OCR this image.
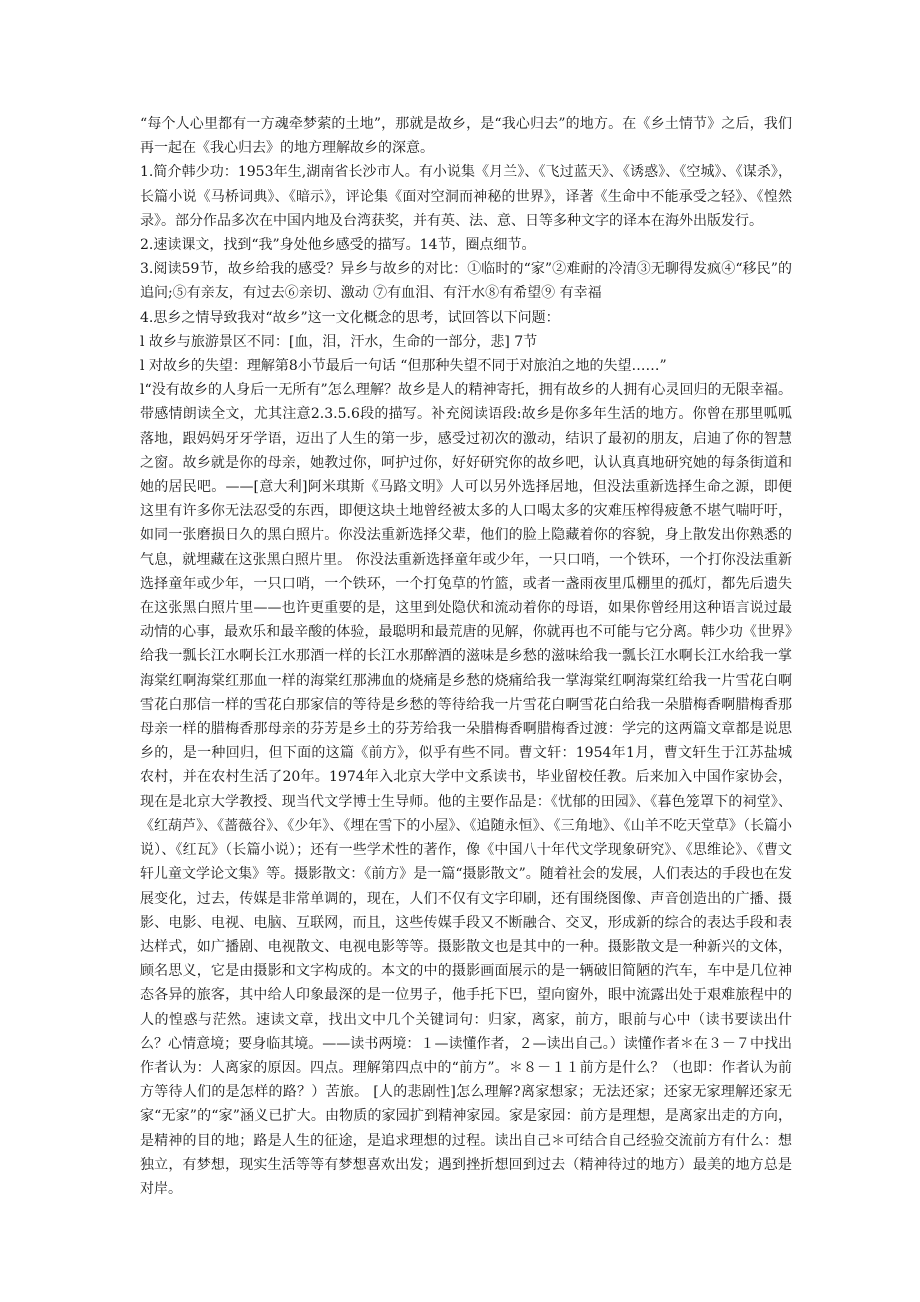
“每个人心里都有一方魂牵梦萦的土地”，那就是故乡，是“我心归去”的地方。在《乡土情节》之后，我们再一起在《我心归去》的地方理解故乡的深意。

1.简介韩少功：1953年生,湖南省长沙市人。有小说集《月兰》、《飞过蓝天》、《诱惑》、《空城》、《谋杀》，长篇小说《马桥词典》、《暗示》，评论集《面对空洞而神秘的世界》，译著《生命中不能承受之轻》、《惶然录》。部分作品多次在中国内地及台湾获奖，并有英、法、意、日等多种文字的译本在海外出版发行。

2.速读课文，找到“我”身处他乡感受的描写。14节，圈点细节。

3.阅读59节，故乡给我的感受？异乡与故乡的对比：①临时的“家”②难耐的冷清③无聊得发疯④“移民”的追问;⑤有亲友，有过去⑥亲切、激动 ⑦有血泪、有汗水⑧有希望⑨ 有幸福

4.思乡之情导致我对“故乡”这一文化概念的思考，试回答以下问题：

l 故乡与旅游景区不同：[血，泪，汗水，生命的一部分，悲] 7节

l 对故乡的失望：理解第8小节最后一句话 “但那种失望不同于对旅泊之地的失望……”

l“没有故乡的人身后一无所有”怎么理解？故乡是人的精神寄托，拥有故乡的人拥有心灵回归的无限幸福。带感情朗读全文，尤其注意2.3.5.6段的描写。补充阅读语段:故乡是你多年生活的地方。你曾在那里呱呱落地，跟妈妈牙牙学语，迈出了人生的第一步，感受过初次的激动，结识了最初的朋友，启迪了你的智慧之窗。故乡就是你的母亲，她教过你，呵护过你，好好研究你的故乡吧，认认真真地研究她的每条街道和她的居民吧。——[意大利]阿米琪斯《马路文明》人可以另外选择居地，但没法重新选择生命之源，即便这里有许多你无法忍受的东西，即便这块土地曾经被太多的人口喝太多的灾难压榨得疲惫不堪气喘吁吁，如同一张磨损日久的黑白照片。你没法重新选择父辈，他们的脸上隐藏着你的容貌，身上散发出你熟悉的气息，就埋藏在这张黑白照片里。 你没法重新选择童年或少年，一只口哨，一个铁环，一个打你没法重新选择童年或少年，一只口哨，一个铁环，一个打兔草的竹篮，或者一盏雨夜里瓜棚里的孤灯，都先后遗失在这张黑白照片里——也许更重要的是，这里到处隐伏和流动着你的母语，如果你曾经用这种语言说过最动情的心事，最欢乐和最辛酸的体验，最聪明和最荒唐的见解，你就再也不可能与它分离。韩少功《世界》给我一瓢长江水啊长江水那酒一样的长江水那醉酒的滋味是乡愁的滋味给我一瓢长江水啊长江水给我一掌海棠红啊海棠红那血一样的海棠红那沸血的烧痛是乡愁的烧痛给我一掌海棠红啊海棠红给我一片雪花白啊雪花白那信一样的雪花白那家信的等待是乡愁的等待给我一片雪花白啊雪花白给我一朵腊梅香啊腊梅香那母亲一样的腊梅香那母亲的芬芳是乡土的芬芳给我一朵腊梅香啊腊梅香过渡：学完的这两篇文章都是说思乡的，是一种回归，但下面的这篇《前方》，似乎有些不同。曹文轩：1954年1月，曹文轩生于江苏盐城农村，并在农村生活了20年。1974年入北京大学中文系读书，毕业留校任教。后来加入中国作家协会，现在是北京大学教授、现当代文学博士生导师。他的主要作品是：《忧郁的田园》、《暮色笼罩下的祠堂》、《红葫芦》、《蔷薇谷》、《少年》、《埋在雪下的小屋》、《追随永恒》、《三角地》、《山羊不吃天堂草》（长篇小说）、《红瓦》（长篇小说）；还有一些学术性的著作，像《中国八十年代文学现象研究》、《思维论》、《曹文轩儿童文学论文集》等。摄影散文：《前方》是一篇“摄影散文”。随着社会的发展，人们表达的手段也在发展变化，过去，传媒是非常单调的，现在，人们不仅有文字印刷，还有围绕图像、声音创造出的广播、摄影、电影、电视、电脑、互联网，而且，这些传媒手段又不断融合、交叉，形成新的综合的表达手段和表达样式，如广播剧、电视散文、电视电影等等。摄影散文也是其中的一种。摄影散文是一种新兴的文体，顾名思义，它是由摄影和文字构成的。本文的中的摄影画面展示的是一辆破旧简陋的汽车，车中是几位神态各异的旅客，其中给人印象最深的是一位男子，他手托下巴，望向窗外，眼中流露出处于艰难旅程中的人的惶惑与茫然。速读文章，找出文中几个关键词句：归家，离家，前方，眼前与心中（读书要读出什么？心情意境；要身临其境。——读书两境：１—读懂作者，２—读出自己。）读懂作者＊在３－７中找出作者认为：人离家的原因。四点。理解第四点中的“前方”。＊８－１１前方是什么？（也即：作者认为前方等待人们的是怎样的路？）苦旅。 [人的悲剧性]怎么理解?离家想家；无法还家；还家无家理解还家无家“无家”的“家”涵义已扩大。由物质的家园扩到精神家园。家是家园：前方是理想，是离家出走的方向，是精神的目的地；路是人生的征途，是追求理想的过程。读出自己＊可结合自己经验交流前方有什么：想独立，有梦想，现实生活等等有梦想喜欢出发；遇到挫折想回到过去（精神待过的地方）最美的地方总是对岸。
